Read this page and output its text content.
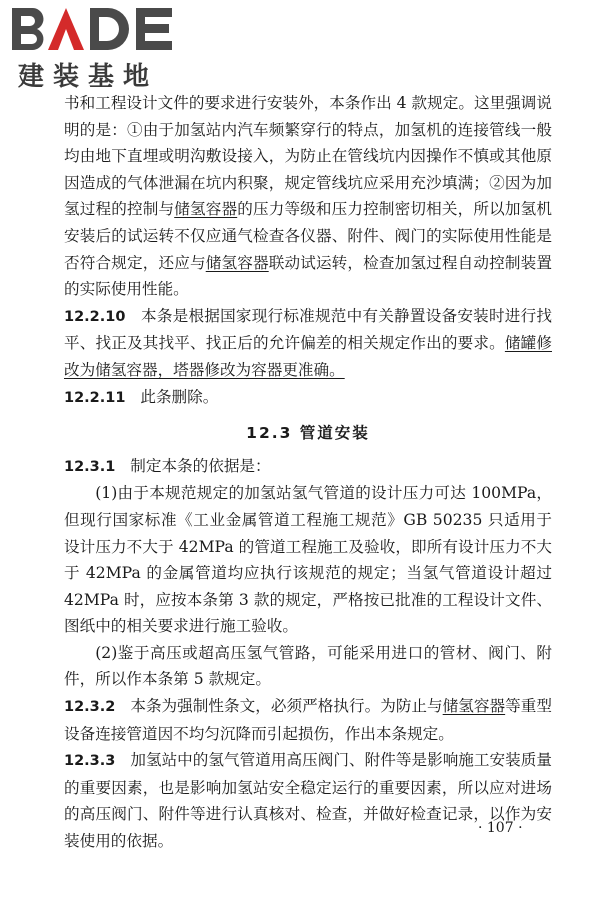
建装基地

书和工程设计文件的要求进行安装外，本条作出 4 款规定。这里强调说明的是：①由于加氢站内汽车频繁穿行的特点，加氢机的连接管线一般均由地下直埋或明沟敷设接入，为防止在管线坑内因操作不慎或其他原因造成的气体泄漏在坑内积聚，规定管线坑应采用充沙填满；②因为加氢过程的控制与储氢容器的压力等级和压力控制密切相关，所以加氢机安装后的试运转不仅应通气检查各仪器、附件、阀门的实际使用性能是否符合规定，还应与储氢容器联动试运转，检查加氢过程自动控制装置的实际使用性能。

12.2.10 本条是根据国家现行标准规范中有关静置设备安装时进行找平、找正及其找平、找正后的允许偏差的相关规定作出的要求。储罐修改为储氢容器，塔器修改为容器更准确。

12.2.11 此条删除。

12.3 管道安装

12.3.1 制定本条的依据是：

(1)由于本规范规定的加氢站氢气管道的设计压力可达 100MPa，但现行国家标准《工业金属管道工程施工规范》GB 50235 只适用于设计压力不大于 42MPa 的管道工程施工及验收，即所有设计压力不大于 42MPa 的金属管道均应执行该规范的规定；当氢气管道设计超过 42MPa 时，应按本条第 3 款的规定，严格按已批准的工程设计文件、图纸中的相关要求进行施工验收。

(2)鉴于高压或超高压氢气管路，可能采用进口的管材、阀门、附件，所以作本条第 5 款规定。

12.3.2 本条为强制性条文，必须严格执行。为防止与储氢容器等重型设备连接管道因不均匀沉降而引起损伤，作出本条规定。

12.3.3 加氢站中的氢气管道用高压阀门、附件等是影响施工安装质量的重要因素，也是影响加氢站安全稳定运行的重要因素，所以应对进场的高压阀门、附件等进行认真核对、检查，并做好检查记录，以作为安装使用的依据。

· 107 ·
